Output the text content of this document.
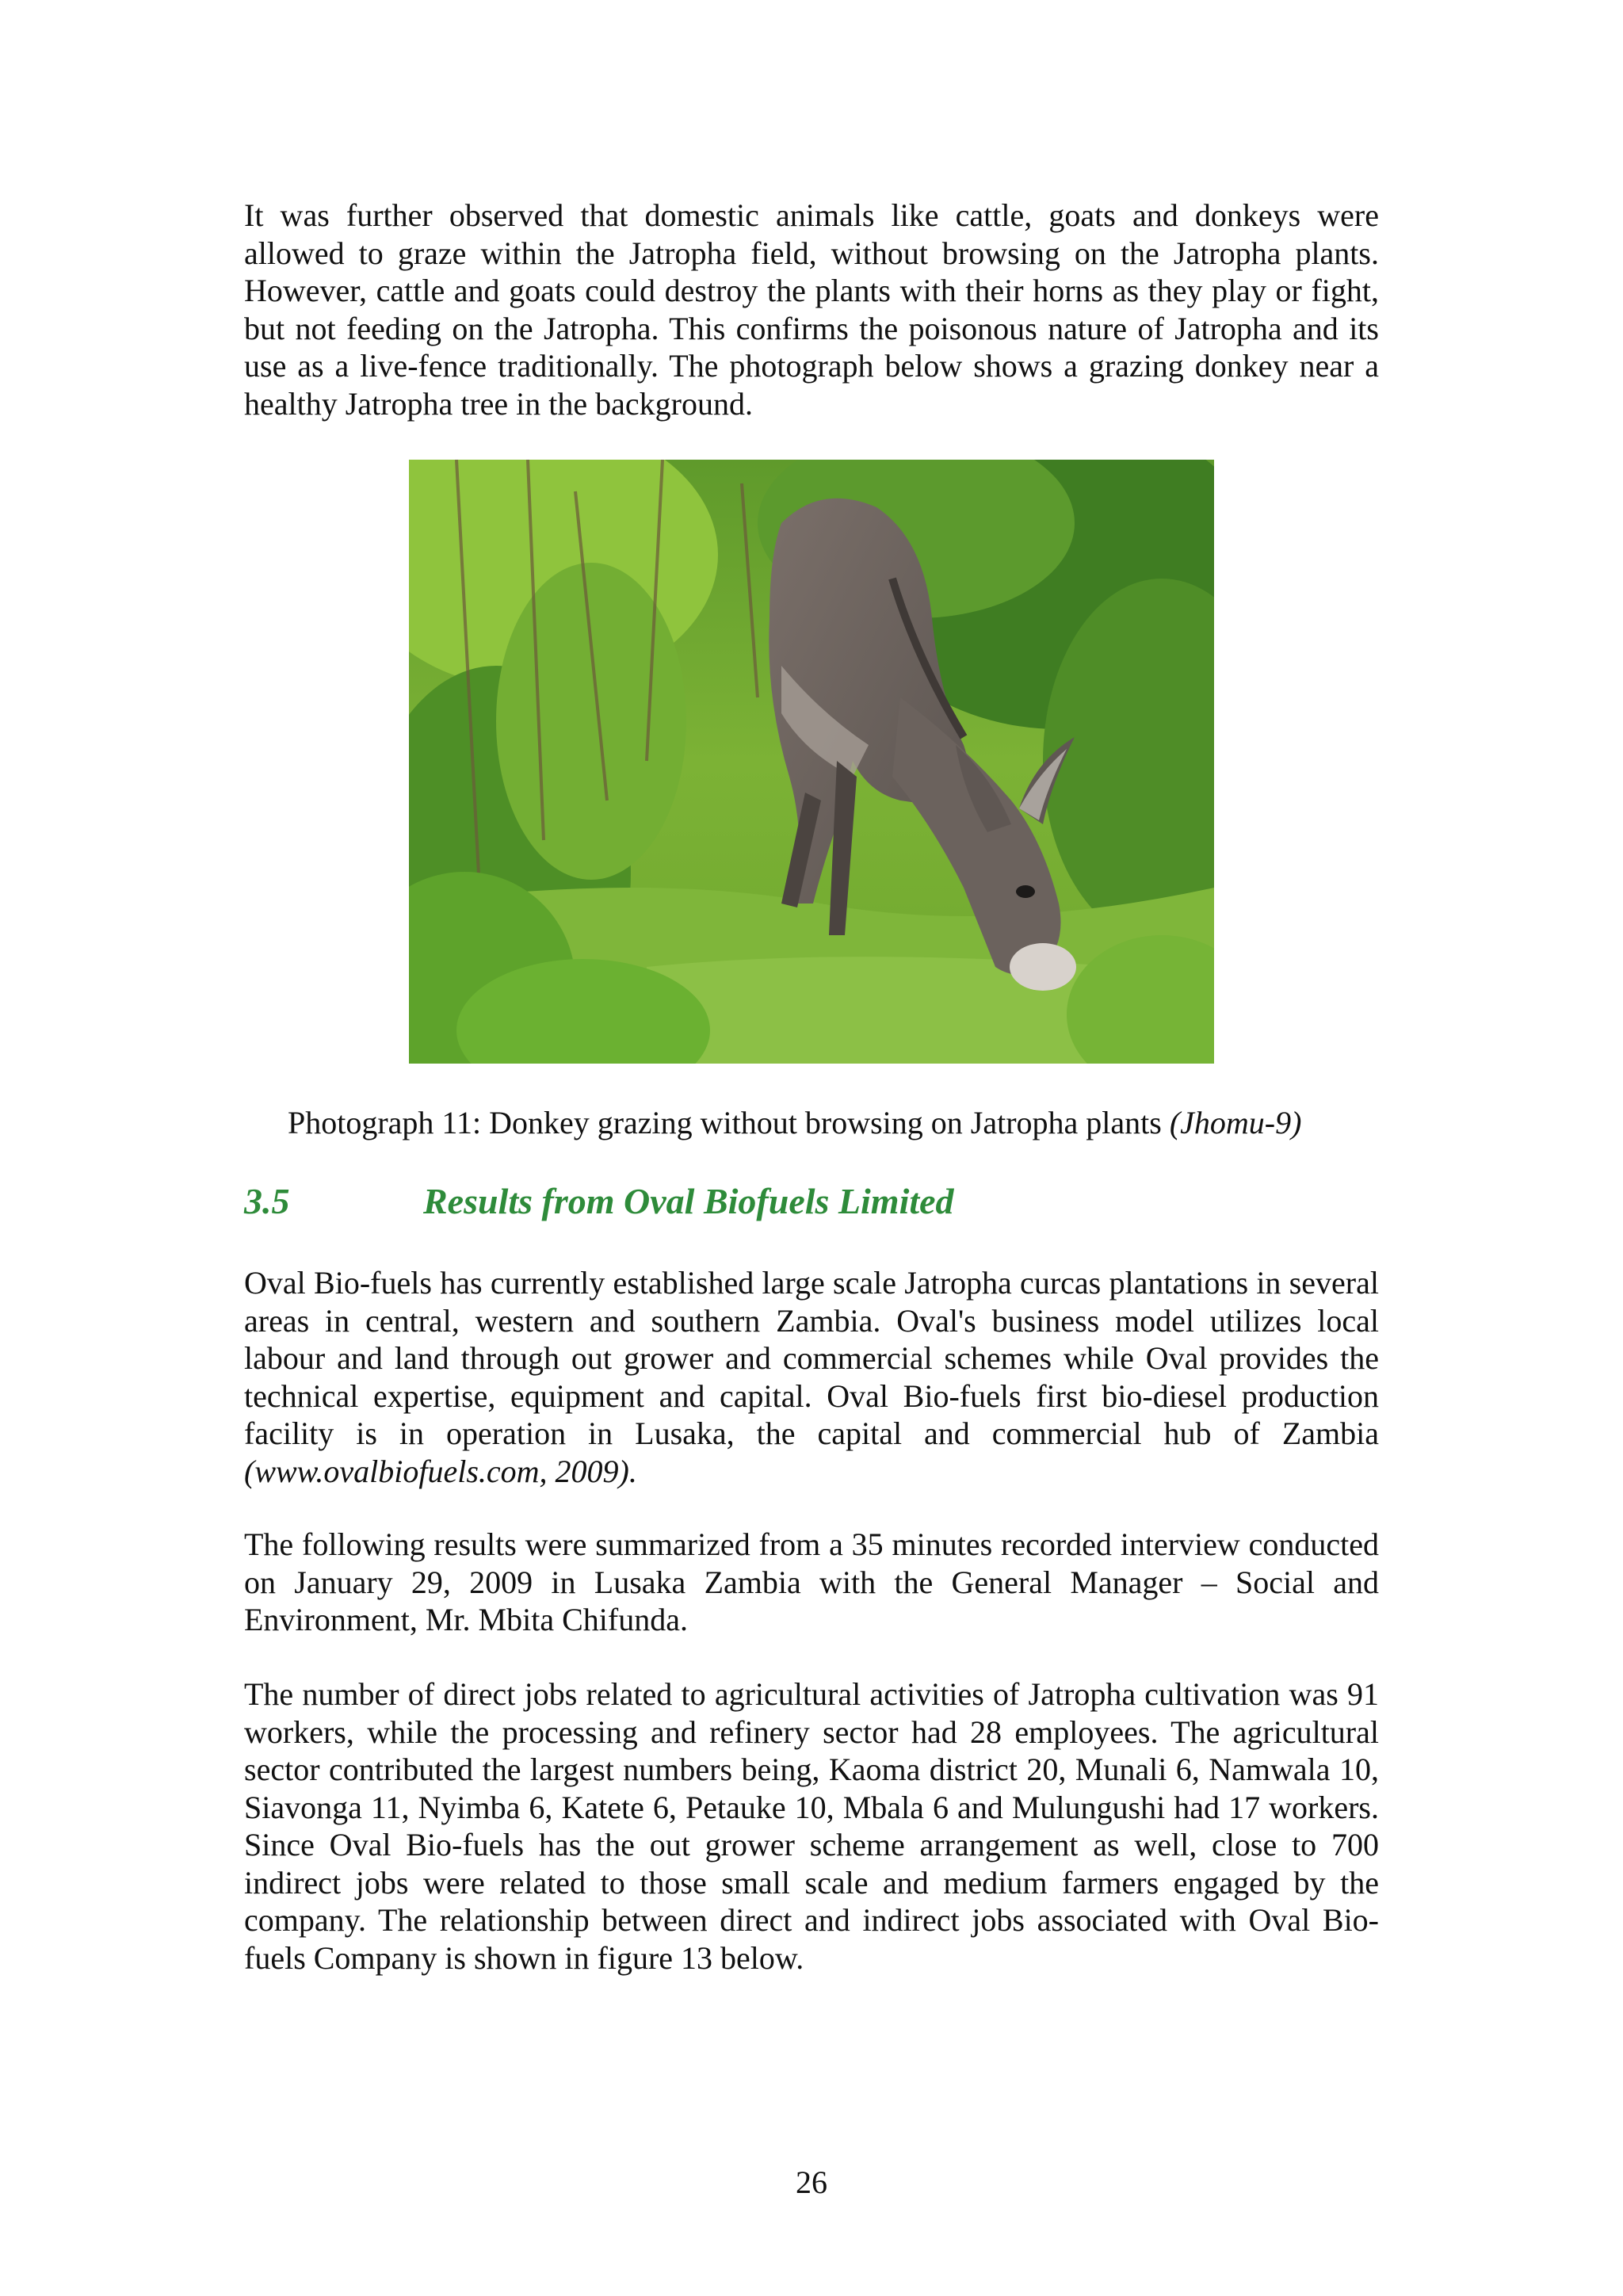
It was further observed that domestic animals like cattle, goats and donkeys were allowed to graze within the Jatropha field, without browsing on the Jatropha plants. However, cattle and goats could destroy the plants with their horns as they play or fight, but not feeding on the Jatropha. This confirms the poisonous nature of Jatropha and its use as a live-fence traditionally. The photograph below shows a grazing donkey near a healthy Jatropha tree in the background.

Photograph 11: Donkey grazing without browsing on Jatropha plants (Jhomu-9)
3.5	Results from Oval Biofuels Limited

Oval Bio-fuels has currently established large scale Jatropha curcas plantations in several areas in central, western and southern Zambia. Oval's business model utilizes local labour and land through out grower and commercial schemes while Oval provides the technical expertise, equipment and capital. Oval Bio-fuels first bio-diesel production facility is in operation in Lusaka, the capital and commercial hub of Zambia (www.ovalbiofuels.com, 2009).

The following results were summarized from a 35 minutes recorded interview conducted on January 29, 2009 in Lusaka Zambia with the General Manager – Social and Environment, Mr. Mbita Chifunda.

The number of direct jobs related to agricultural activities of Jatropha cultivation was 91 workers, while the processing and refinery sector had 28 employees. The agricultural sector contributed the largest numbers being, Kaoma district 20, Munali 6, Namwala 10, Siavonga 11, Nyimba 6, Katete 6, Petauke 10, Mbala 6 and Mulungushi had 17 workers. Since Oval Bio-fuels has the out grower scheme arrangement as well, close to 700 indirect jobs were related to those small scale and medium farmers engaged by the company. The relationship between direct and indirect jobs associated with Oval Bio-fuels Company is shown in figure 13 below.

26
